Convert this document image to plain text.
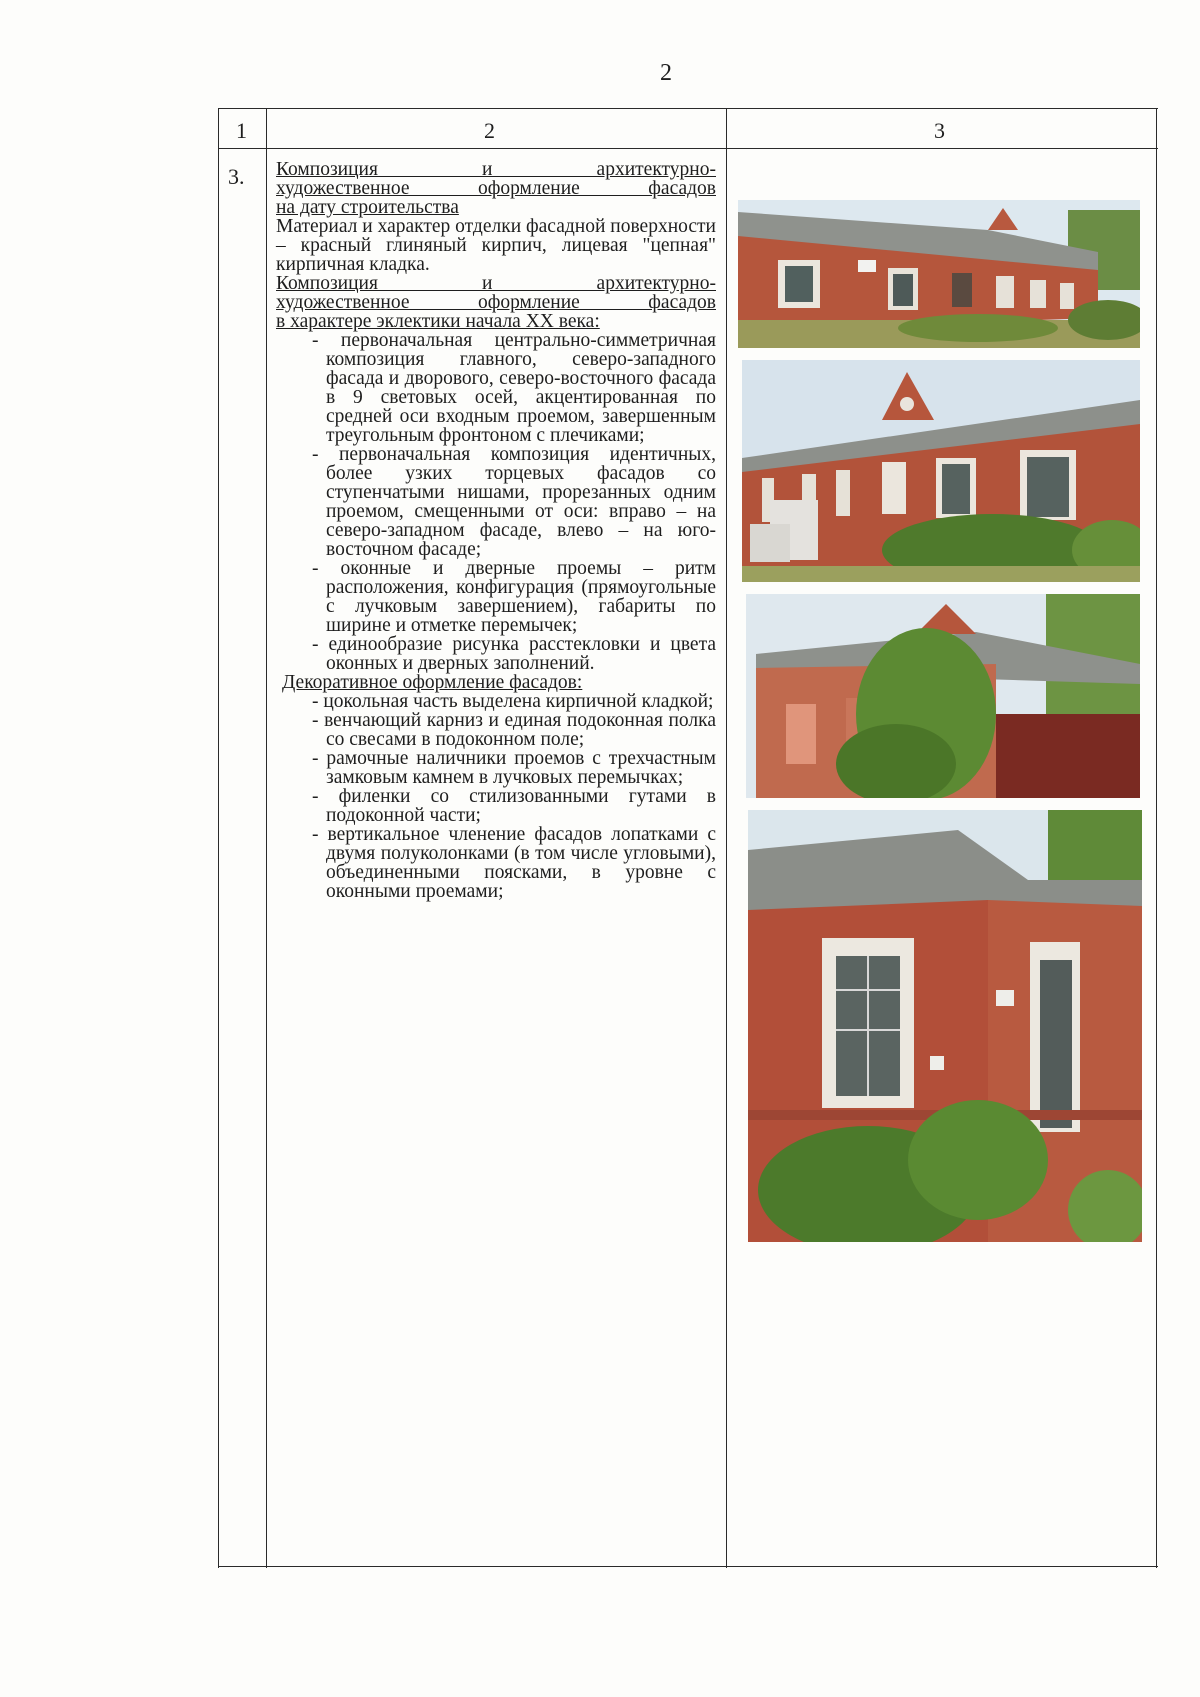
2
1	2	3
3. Композиция и архитектурно-

художественное оформление фасадов

на дату строительства

Материал и характер отделки фасадной поверхности – красный глиняный кирпич, лицевая "цепная" кирпичная кладка.

Композиция и архитектурно-

художественное оформление фасадов

в характере эклектики начала ХХ века:

- первоначальная центрально-симметричная композиция главного, северо-западного фасада и дворового, северо-восточного фасада в 9 световых осей, акцентированная по средней оси входным проемом, завершенным треугольным фронтоном с плечиками;

- первоначальная композиция идентичных, более узких торцевых фасадов со ступенчатыми нишами, прорезанных одним проемом, смещенными от оси: вправо – на северо-западном фасаде, влево – на юго-восточном фасаде;

- оконные и дверные проемы – ритм расположения, конфигурация (прямоугольные с лучковым завершением), габариты по ширине и отметке перемычек;

- единообразие рисунка расстекловки и цвета оконных и дверных заполнений.

Декоративное оформление фасадов:

- цокольная часть выделена кирпичной кладкой;

- венчающий карниз и единая подоконная полка со свесами в подоконном поле;

- рамочные наличники проемов с трехчастным замковым камнем в лучковых перемычках;

- филенки со стилизованными гутами в подоконной части;

- вертикальное членение фасадов лопатками с двумя полуколонками (в том числе угловыми), объединенными поясками, в уровне с оконными проемами;
